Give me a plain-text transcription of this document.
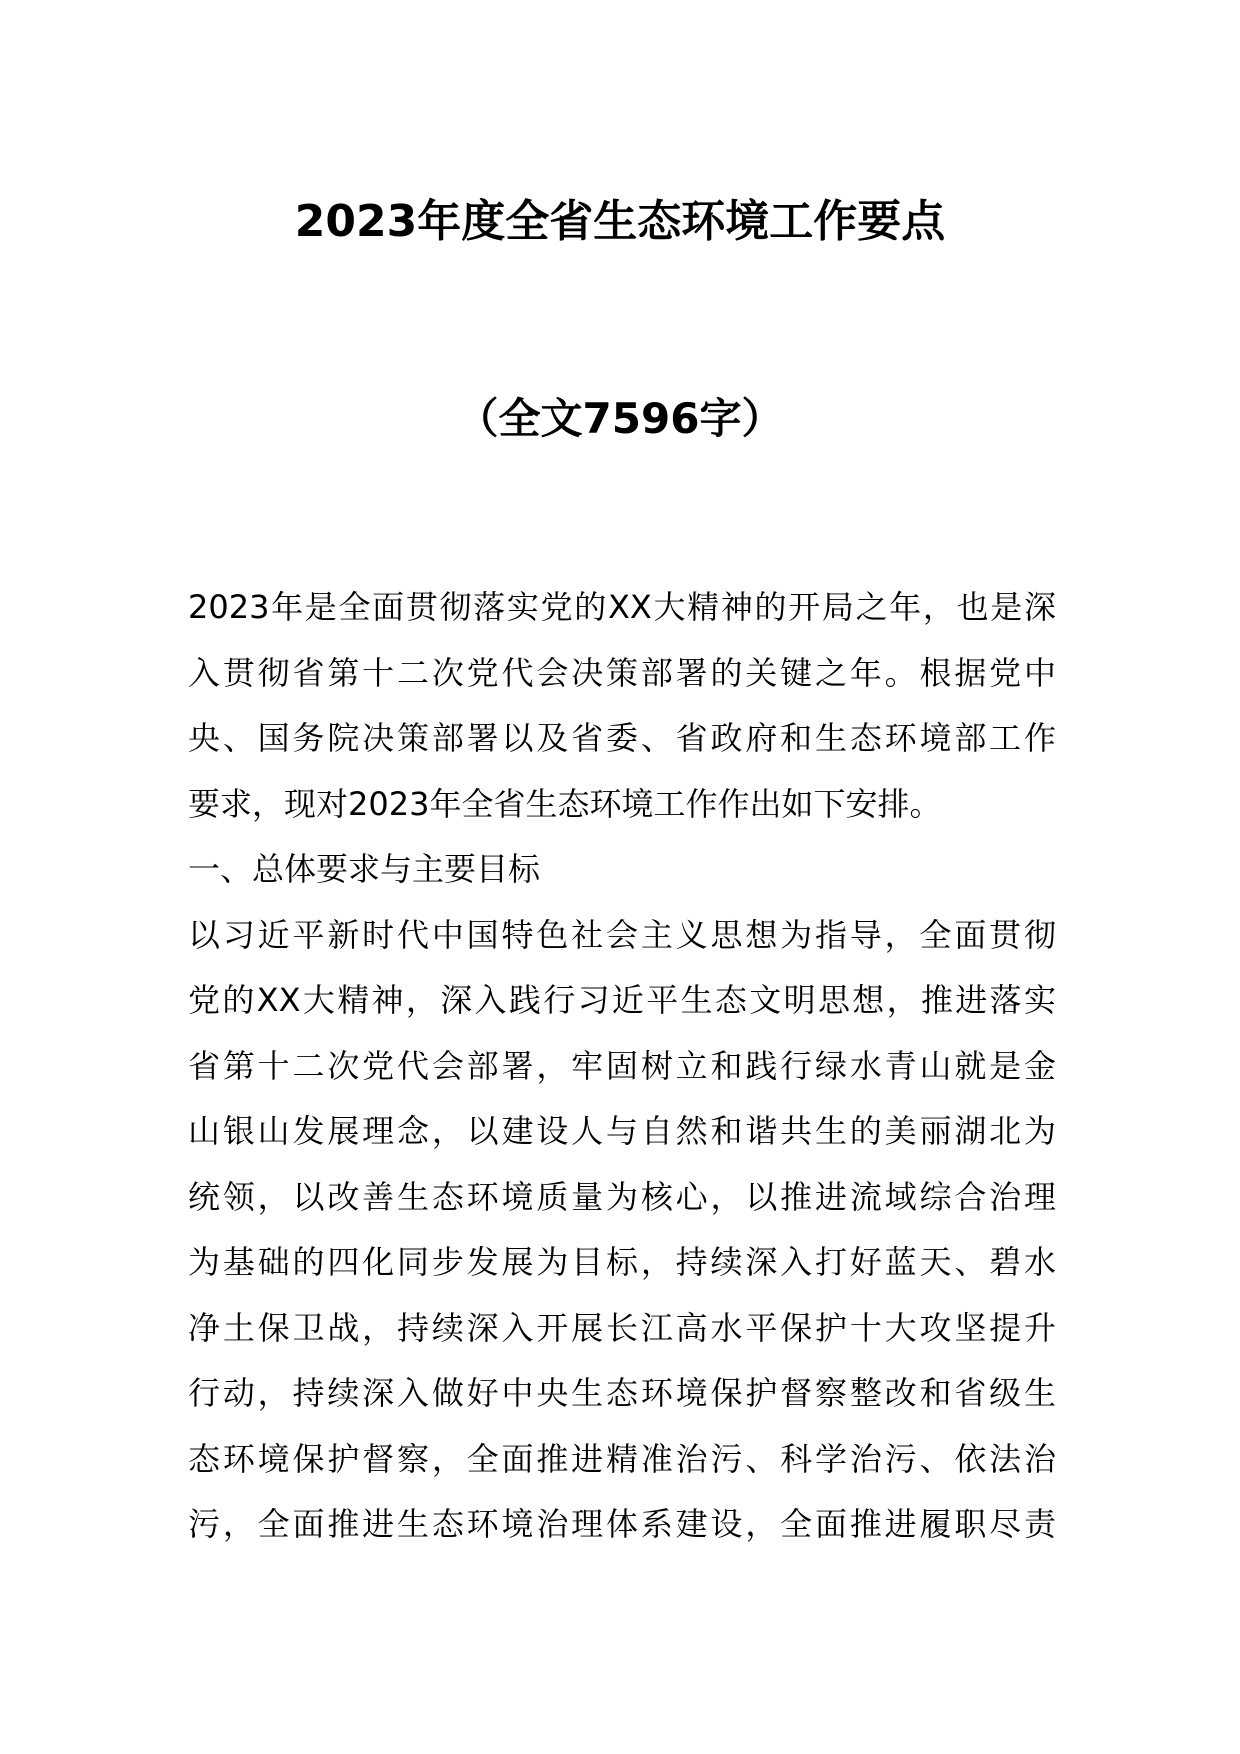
2023年度全省生态环境工作要点
（全文7596字）
2023年是全面贯彻落实党的XX大精神的开局之年，也是深
入贯彻省第十二次党代会决策部署的关键之年。根据党中
央、国务院决策部署以及省委、省政府和生态环境部工作
要求，现对2023年全省生态环境工作作出如下安排。
一、总体要求与主要目标
以习近平新时代中国特色社会主义思想为指导，全面贯彻
党的XX大精神，深入践行习近平生态文明思想，推进落实
省第十二次党代会部署，牢固树立和践行绿水青山就是金
山银山发展理念，以建设人与自然和谐共生的美丽湖北为
统领，以改善生态环境质量为核心，以推进流域综合治理
为基础的四化同步发展为目标，持续深入打好蓝天、碧水
净土保卫战，持续深入开展长江高水平保护十大攻坚提升
行动，持续深入做好中央生态环境保护督察整改和省级生
态环境保护督察，全面推进精准治污、科学治污、依法治
污，全面推进生态环境治理体系建设，全面推进履职尽责
